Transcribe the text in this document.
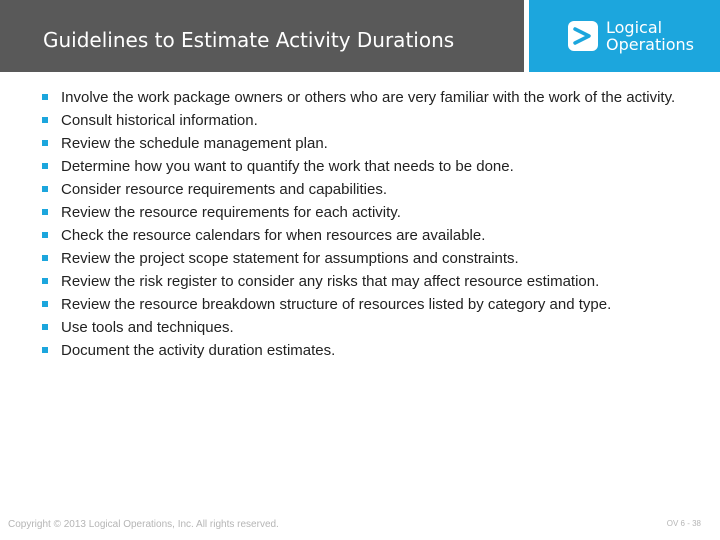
Guidelines to Estimate Activity Durations
Logical
Operations
Involve the work package owners or others who are very familiar with the work of the activity.
Consult historical information.
Review the schedule management plan.
Determine how you want to quantify the work that needs to be done.
Consider resource requirements and capabilities.
Review the resource requirements for each activity.
Check the resource calendars for when resources are available.
Review the project scope statement for assumptions and constraints.
Review the risk register to consider any risks that may affect resource estimation.
Review the resource breakdown structure of resources listed by category and type.
Use tools and techniques.
Document the activity duration estimates.
Copyright © 2013 Logical Operations, Inc. All rights reserved.	OV 6 - 38
